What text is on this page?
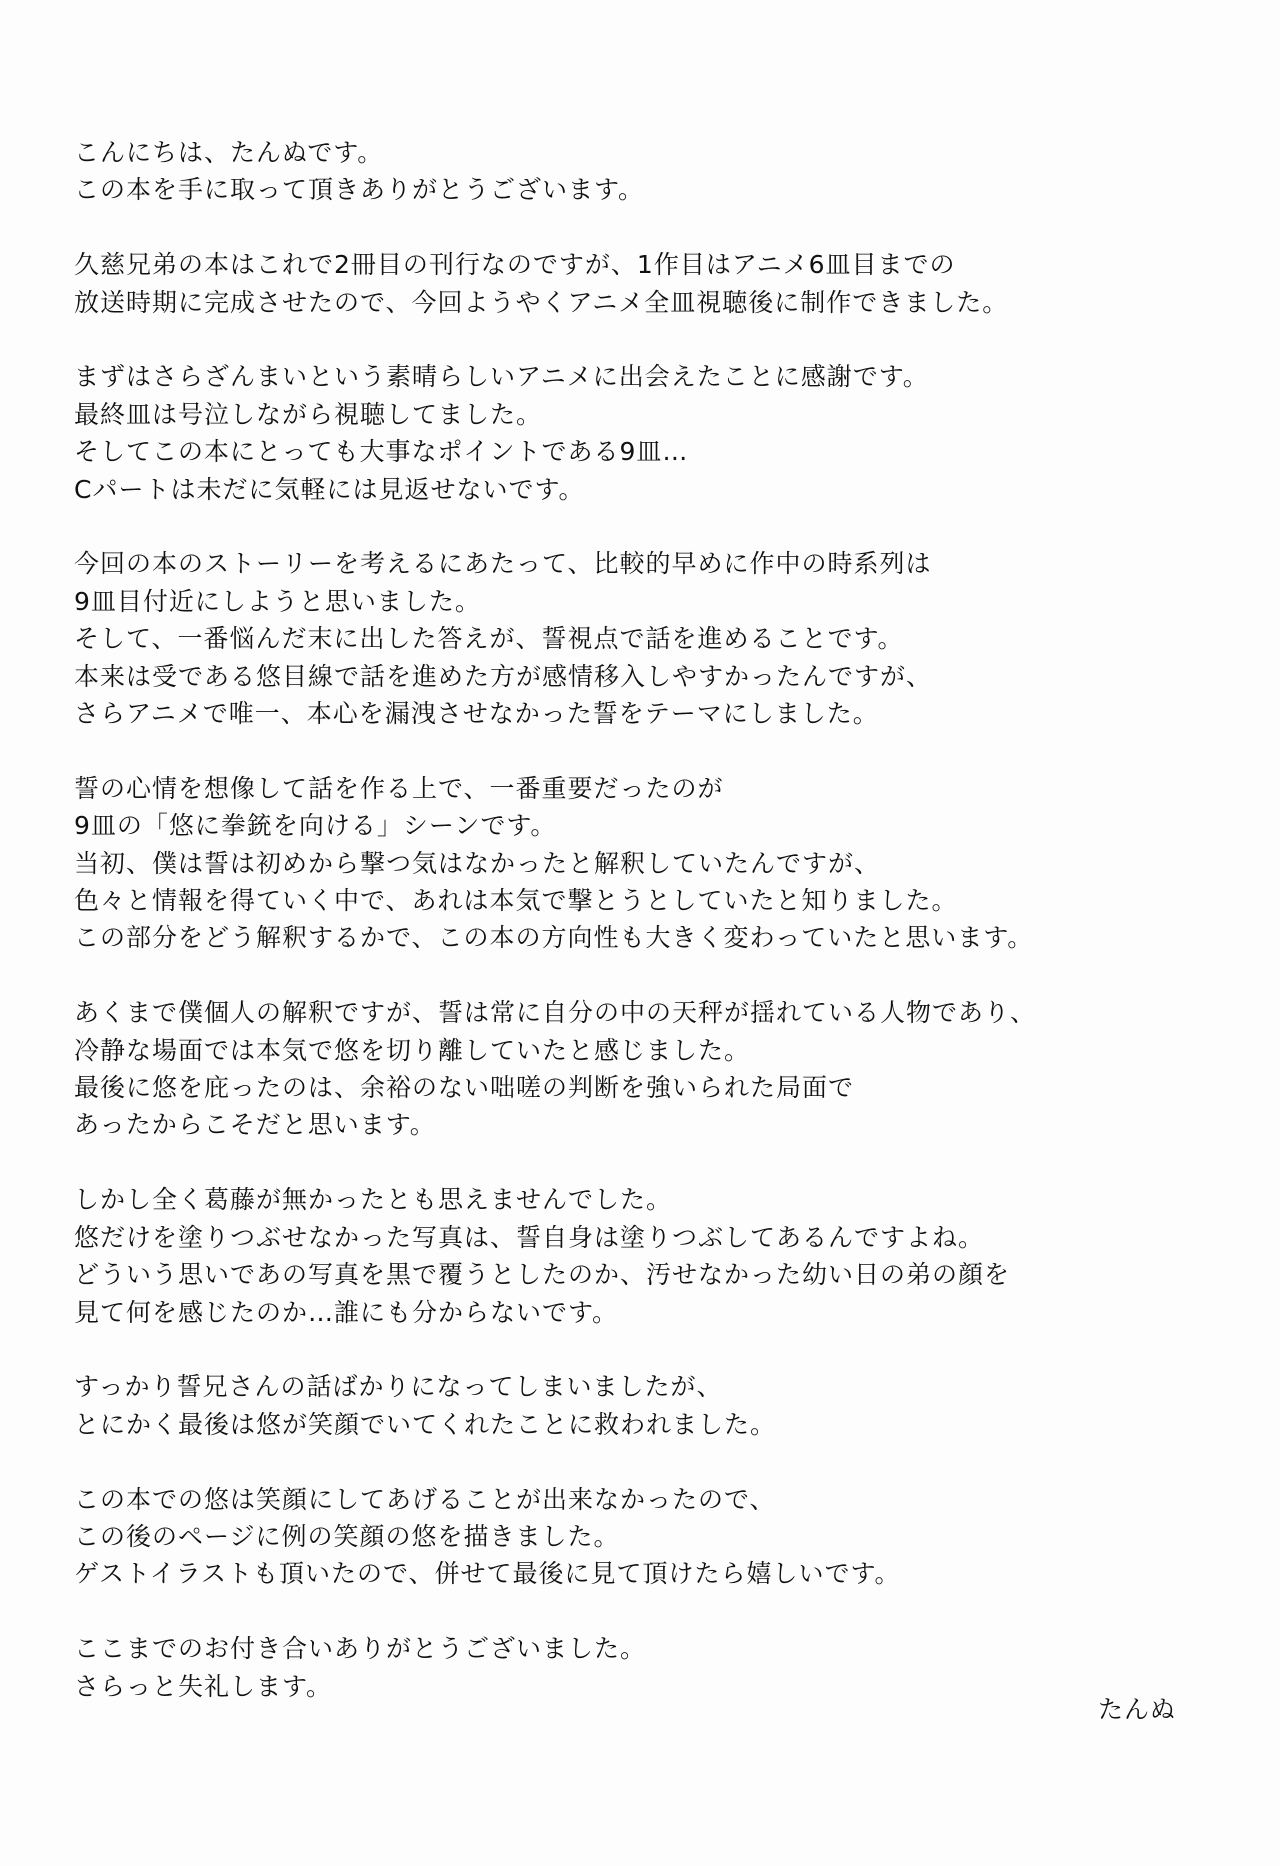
こんにちは、たんぬです。
この本を手に取って頂きありがとうございます。
久慈兄弟の本はこれで2冊目の刊行なのですが、1作目はアニメ6皿目までの
放送時期に完成させたので、今回ようやくアニメ全皿視聴後に制作できました。
まずはさらざんまいという素晴らしいアニメに出会えたことに感謝です。
最終皿は号泣しながら視聴してました。
そしてこの本にとっても大事なポイントである9皿…
Cパートは未だに気軽には見返せないです。
今回の本のストーリーを考えるにあたって、比較的早めに作中の時系列は
9皿目付近にしようと思いました。
そして、一番悩んだ末に出した答えが、誓視点で話を進めることです。
本来は受である悠目線で話を進めた方が感情移入しやすかったんですが、
さらアニメで唯一、本心を漏洩させなかった誓をテーマにしました。
誓の心情を想像して話を作る上で、一番重要だったのが
9皿の「悠に拳銃を向ける」シーンです。
当初、僕は誓は初めから撃つ気はなかったと解釈していたんですが、
色々と情報を得ていく中で、あれは本気で撃とうとしていたと知りました。
この部分をどう解釈するかで、この本の方向性も大きく変わっていたと思います。
あくまで僕個人の解釈ですが、誓は常に自分の中の天秤が揺れている人物であり、
冷静な場面では本気で悠を切り離していたと感じました。
最後に悠を庇ったのは、余裕のない咄嗟の判断を強いられた局面で
あったからこそだと思います。
しかし全く葛藤が無かったとも思えませんでした。
悠だけを塗りつぶせなかった写真は、誓自身は塗りつぶしてあるんですよね。
どういう思いであの写真を黒で覆うとしたのか、汚せなかった幼い日の弟の顔を
見て何を感じたのか…誰にも分からないです。
すっかり誓兄さんの話ばかりになってしまいましたが、
とにかく最後は悠が笑顔でいてくれたことに救われました。
この本での悠は笑顔にしてあげることが出来なかったので、
この後のページに例の笑顔の悠を描きました。
ゲストイラストも頂いたので、併せて最後に見て頂けたら嬉しいです。
ここまでのお付き合いありがとうございました。
さらっと失礼します。
たんぬ
